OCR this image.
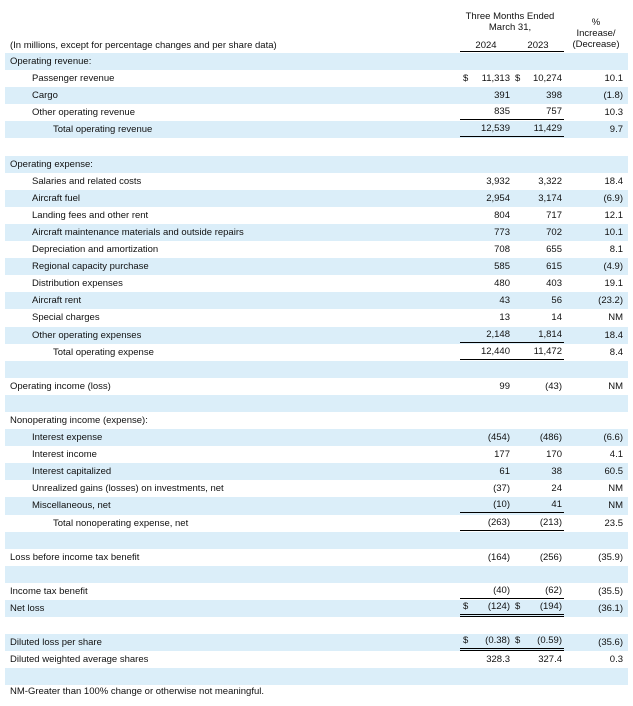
Three Months Ended
March 31,	%
Increase/
(Decrease)
2024	2023
(In millions, except for percentage changes and per share data)
Operating revenue:
Passenger revenue	$ 11,313 $ 10,274	10.1
Cargo	391	398	(1.8)
Other operating revenue	835	757	10.3
Total operating revenue	12,539	11,429	9.7
Operating expense:
Salaries and related costs	3,932	3,322	18.4
Aircraft fuel	2,954	3,174	(6.9)
Landing fees and other rent	804	717	12.1
Aircraft maintenance materials and outside repairs	773	702	10.1
Depreciation and amortization	708	655	8.1
Regional capacity purchase	585	615	(4.9)
Distribution expenses	480	403	19.1
Aircraft rent	43	56	(23.2)
Special charges	13	14	NM
Other operating expenses	2,148	1,814	18.4
Total operating expense	12,440	11,472	8.4
Operating income (loss)	99	(43)	NM
Nonoperating income (expense):
Interest expense	(454)	(486)	(6.6)
Interest income	177	170	4.1
Interest capitalized	61	38	60.5
Unrealized gains (losses) on investments, net	(37)	24	NM
Miscellaneous, net	(10)	41	NM
Total nonoperating expense, net	(263)	(213)	23.5
Loss before income tax benefit	(164)	(256)	(35.9)
Income tax benefit	(40)	(62)	(35.5)
Net loss	$ (124) $ (194)	(36.1)
Diluted loss per share	$ (0.38) $ (0.59)	(35.6)
Diluted weighted average shares	328.3	327.4	0.3
NM-Greater than 100% change or otherwise not meaningful.
